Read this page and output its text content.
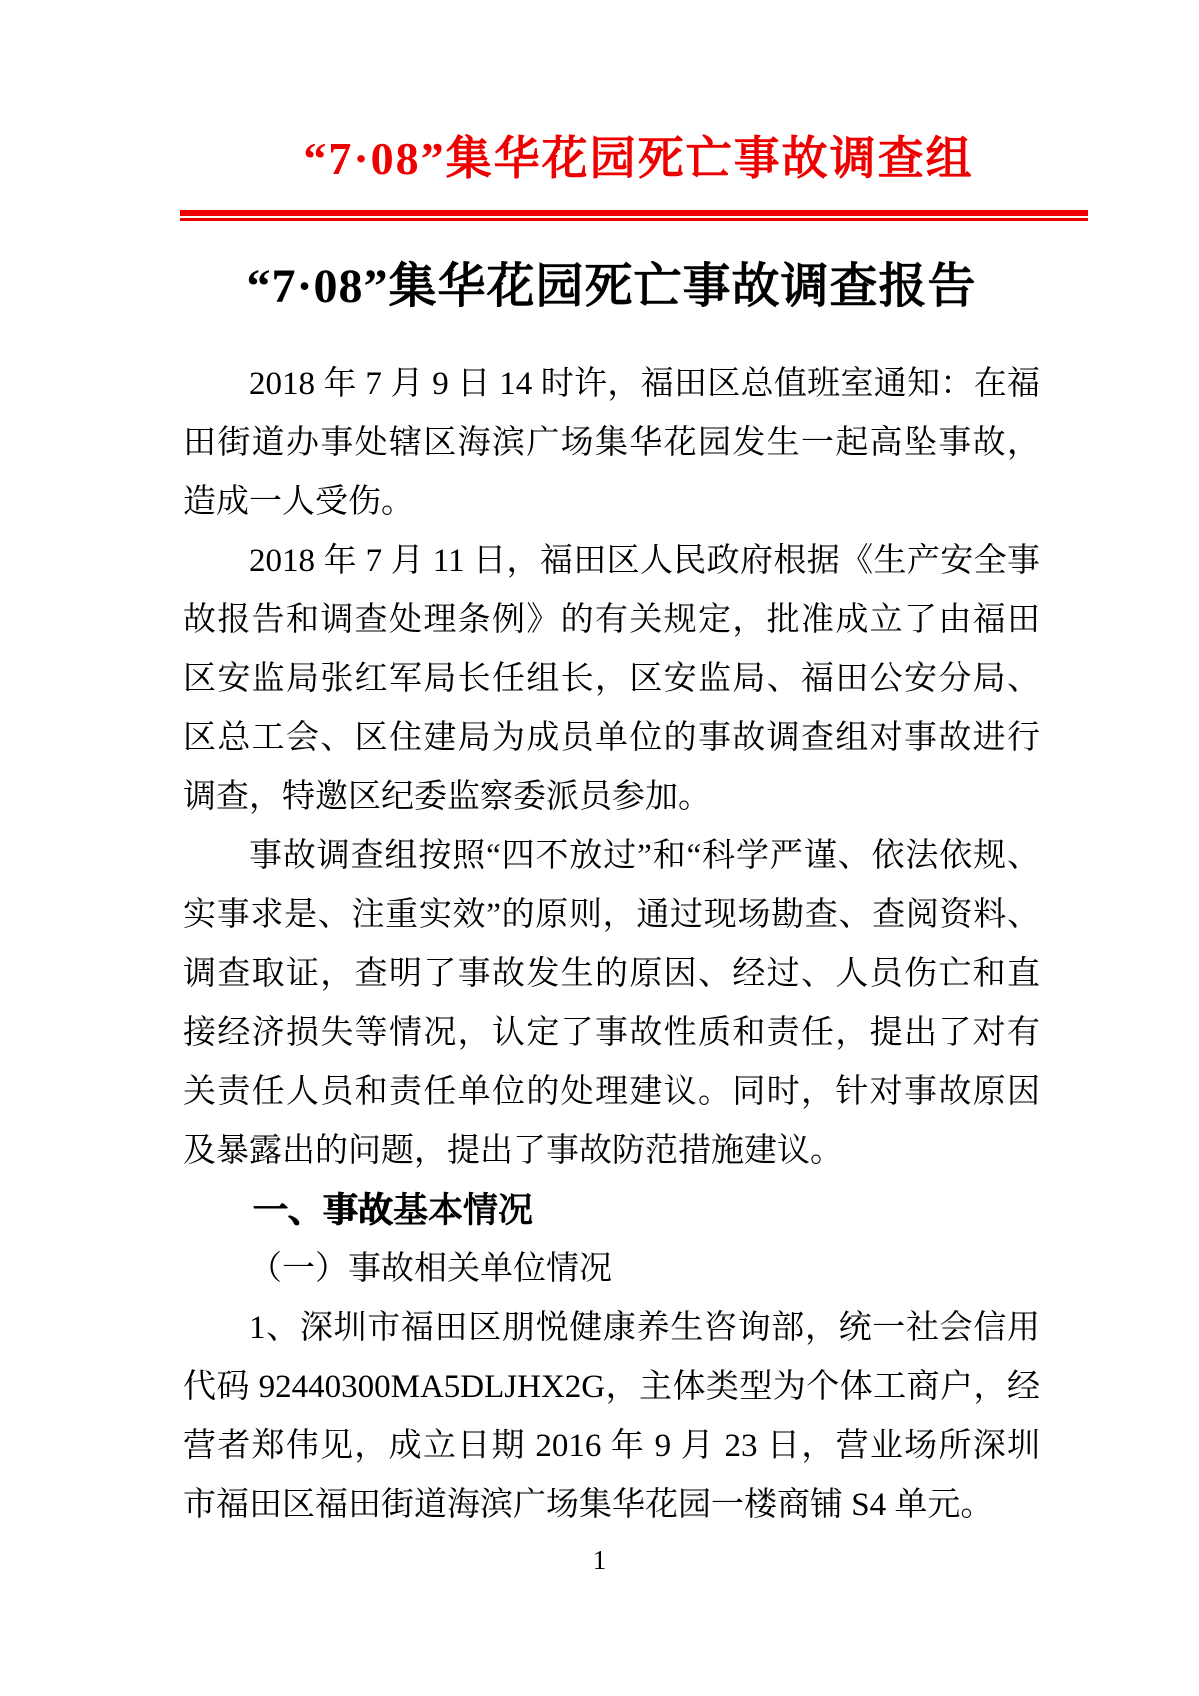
“7·08”集华花园死亡事故调查组
“7·08”集华花园死亡事故调查报告

2018 年 7 月 9 日 14 时许，福田区总值班室通知：在福田街道办事处辖区海滨广场集华花园发生一起高坠事故，造成一人受伤。

2018 年 7 月 11 日，福田区人民政府根据《生产安全事故报告和调查处理条例》的有关规定，批准成立了由福田区安监局张红军局长任组长，区安监局、福田公安分局、区总工会、区住建局为成员单位的事故调查组对事故进行调查，特邀区纪委监察委派员参加。

事故调查组按照“四不放过”和“科学严谨、依法依规、实事求是、注重实效”的原则，通过现场勘查、查阅资料、调查取证，查明了事故发生的原因、经过、人员伤亡和直接经济损失等情况，认定了事故性质和责任，提出了对有关责任人员和责任单位的处理建议。同时，针对事故原因及暴露出的问题，提出了事故防范措施建议。

一、事故基本情况

（一）事故相关单位情况

1、深圳市福田区朋悦健康养生咨询部，统一社会信用代码 92440300MA5DLJHX2G，主体类型为个体工商户，经营者郑伟见，成立日期 2016 年 9 月 23 日，营业场所深圳市福田区福田街道海滨广场集华花园一楼商铺 S4 单元。

1
